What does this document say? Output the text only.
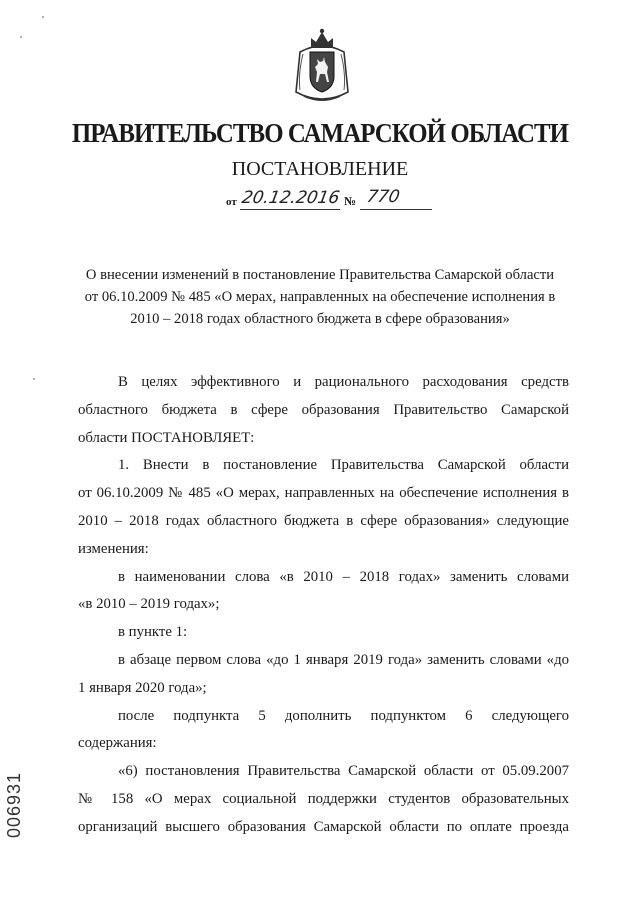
ПРАВИТЕЛЬСТВО САМАРСКОЙ ОБЛАСТИ
ПОСТАНОВЛЕНИЕ
от 20.12.2016 № 770
О внесении изменений в постановление Правительства Самарской области
от 06.10.2009 № 485 «О мерах, направленных на обеспечение исполнения в
2010 – 2018 годах областного бюджета в сфере образования»
В целях эффективного и рационального расходования средств
областного бюджета в сфере образования Правительство Самарской
области ПОСТАНОВЛЯЕТ:
1. Внести в постановление Правительства Самарской области
от 06.10.2009 № 485 «О мерах, направленных на обеспечение исполнения в
2010 – 2018 годах областного бюджета в сфере образования» следующие
изменения:
в наименовании слова «в 2010 – 2018 годах» заменить словами
«в 2010 – 2019 годах»;
в пункте 1:
в абзаце первом слова «до 1 января 2019 года» заменить словами «до
1 января 2020 года»;
после подпункта 5 дополнить подпунктом 6 следующего
содержания:
«6) постановления Правительства Самарской области от 05.09.2007
№ 158 «О мерах социальной поддержки студентов образовательных
организаций высшего образования Самарской области по оплате проезда
006931
